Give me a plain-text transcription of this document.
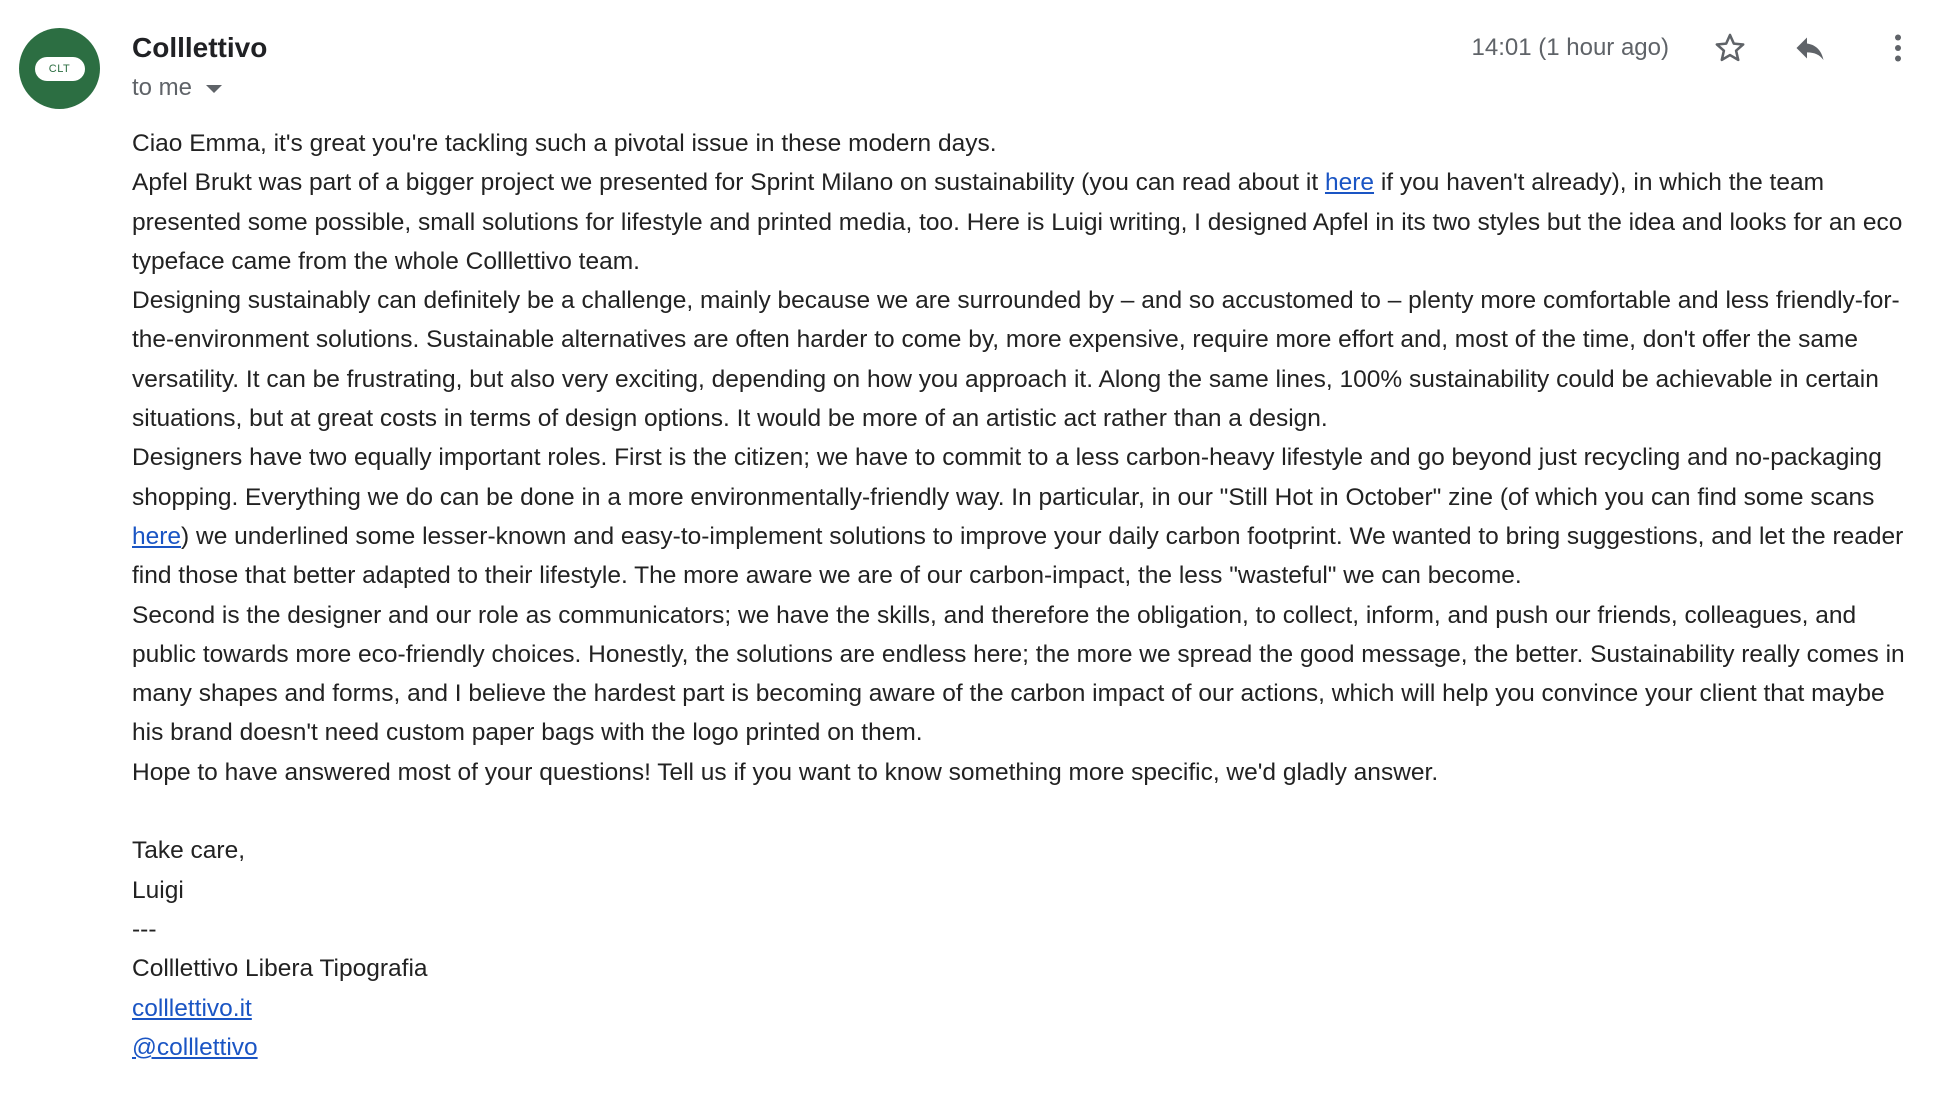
CLT
Colllettivo
to me
14:01 (1 hour ago)

Ciao Emma, it's great you're tackling such a pivotal issue in these modern days.

Apfel Brukt was part of a bigger project we presented for Sprint Milano on sustainability (you can read about it here if you haven't already), in which the team presented some possible, small solutions for lifestyle and printed media, too. Here is Luigi writing, I designed Apfel in its two styles but the idea and looks for an eco typeface came from the whole Colllettivo team.

Designing sustainably can definitely be a challenge, mainly because we are surrounded by – and so accustomed to – plenty more comfortable and less friendly-for-the-environment solutions. Sustainable alternatives are often harder to come by, more expensive, require more effort and, most of the time, don't offer the same versatility. It can be frustrating, but also very exciting, depending on how you approach it. Along the same lines, 100% sustainability could be achievable in certain situations, but at great costs in terms of design options. It would be more of an artistic act rather than a design.

Designers have two equally important roles. First is the citizen; we have to commit to a less carbon-heavy lifestyle and go beyond just recycling and no-packaging shopping. Everything we do can be done in a more environmentally-friendly way. In particular, in our "Still Hot in October" zine (of which you can find some scans here) we underlined some lesser-known and easy-to-implement solutions to improve your daily carbon footprint. We wanted to bring suggestions, and let the reader find those that better adapted to their lifestyle. The more aware we are of our carbon-impact, the less "wasteful" we can become.

Second is the designer and our role as communicators; we have the skills, and therefore the obligation, to collect, inform, and push our friends, colleagues, and public towards more eco-friendly choices. Honestly, the solutions are endless here; the more we spread the good message, the better. Sustainability really comes in many shapes and forms, and I believe the hardest part is becoming aware of the carbon impact of our actions, which will help you convince your client that maybe his brand doesn't need custom paper bags with the logo printed on them.

Hope to have answered most of your questions! Tell us if you want to know something more specific, we'd gladly answer.

Take care,

Luigi

---

Colllettivo Libera Tipografia

colllettivo.it

@colllettivo
